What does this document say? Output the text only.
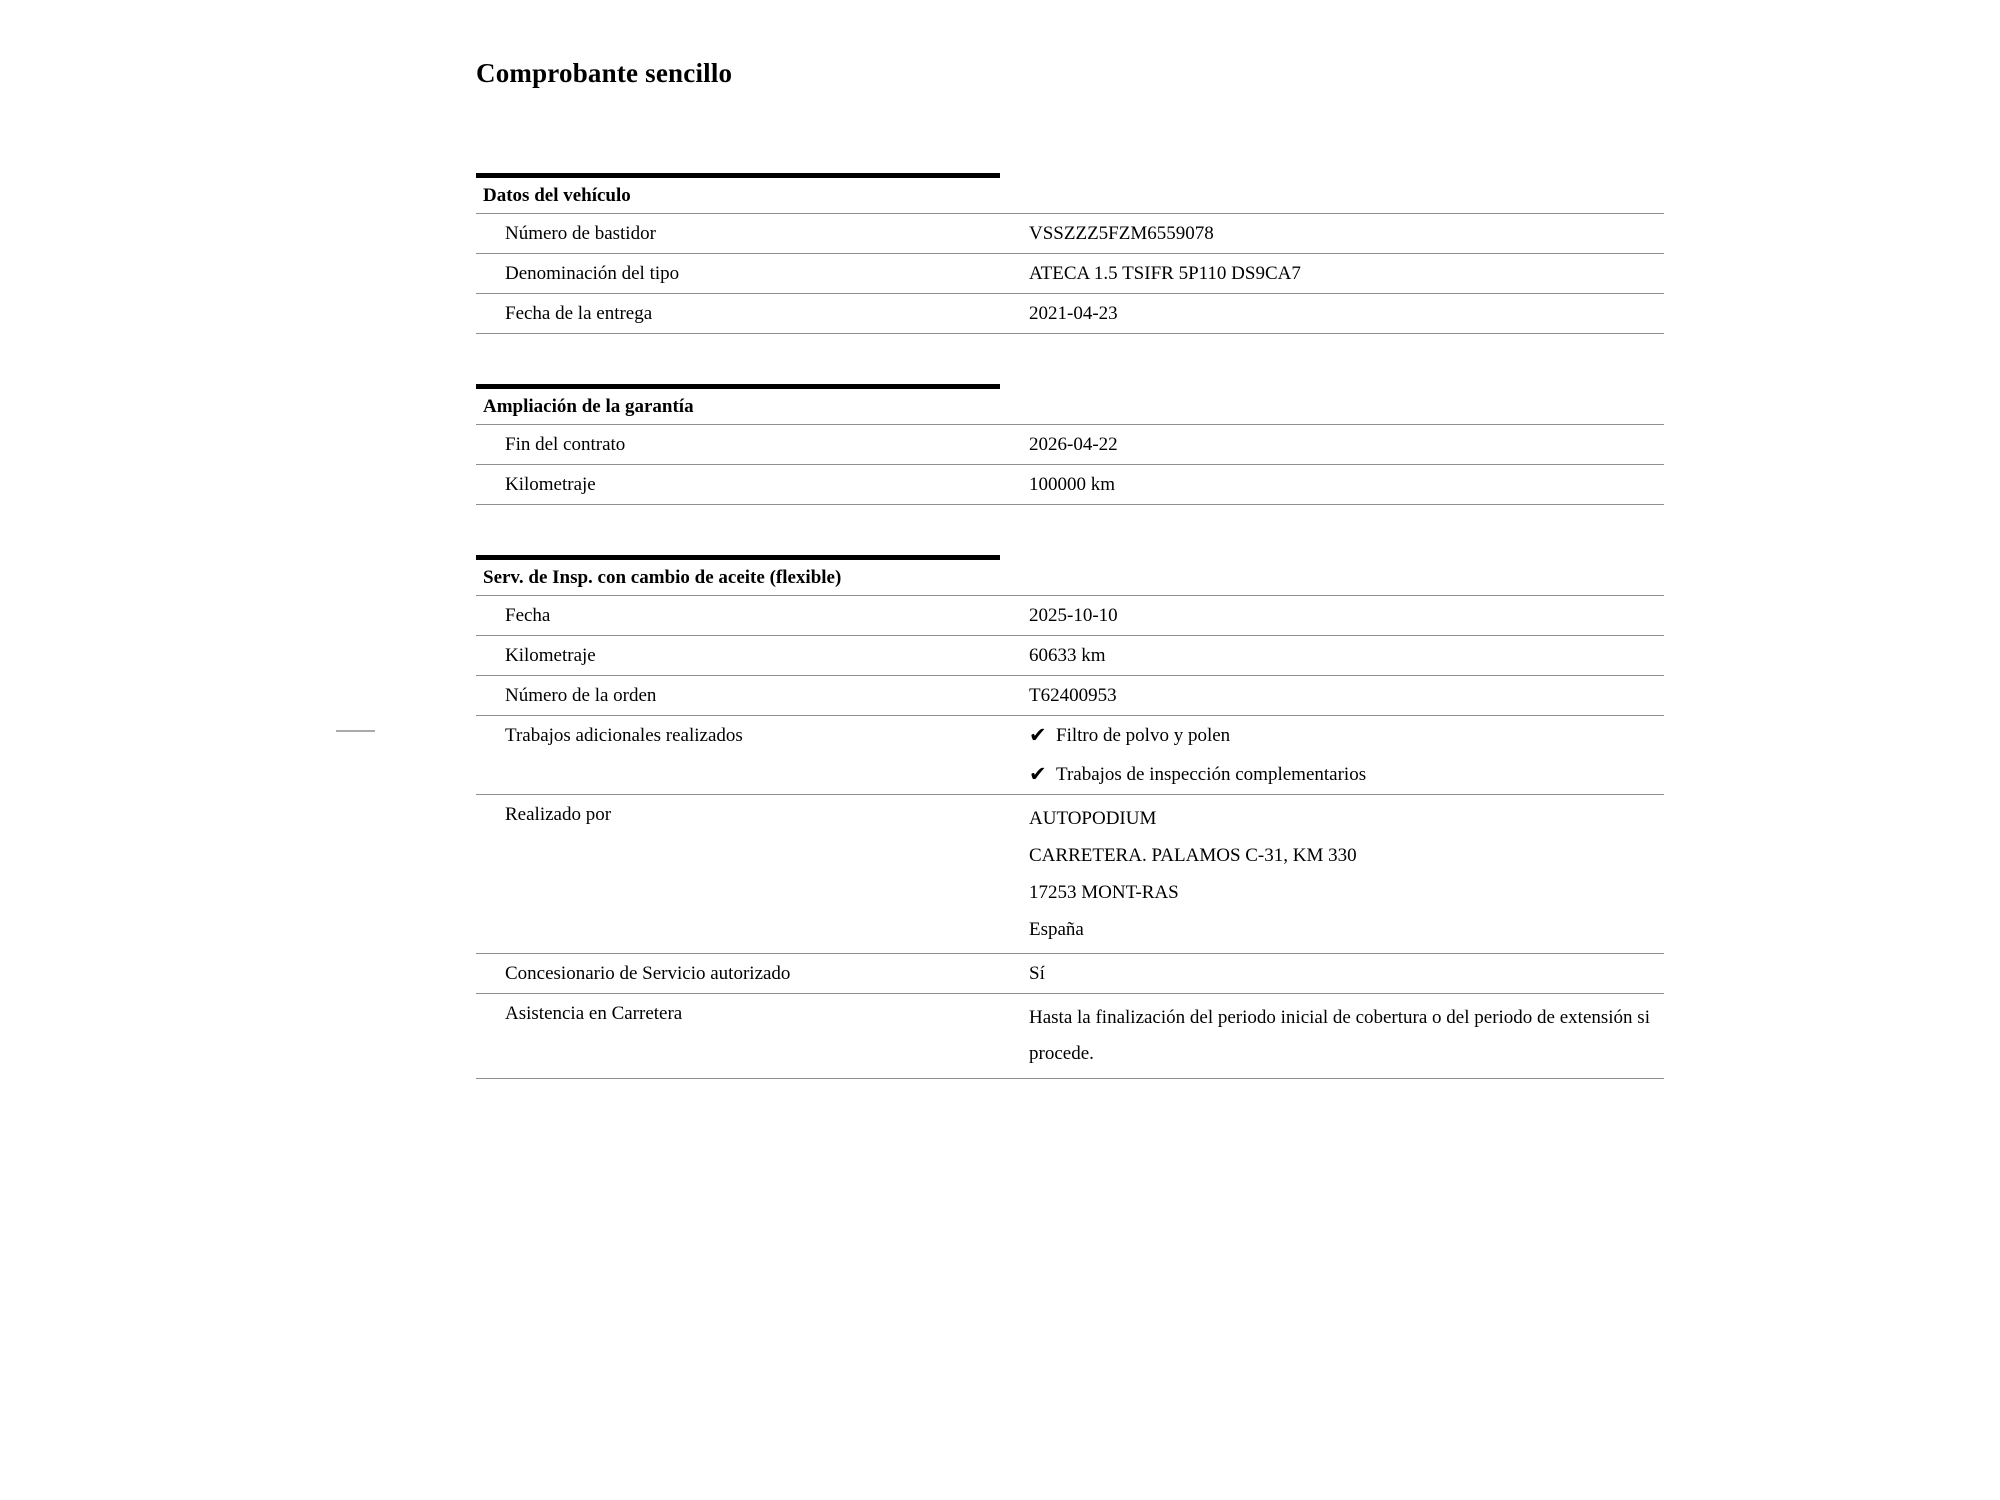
Comprobante sencillo
Datos del vehículo
Número de bastidor	VSSZZZ5FZM6559078
Denominación del tipo	ATECA 1.5 TSIFR 5P110 DS9CA7
Fecha de la entrega	2021-04-23
Ampliación de la garantía
Fin del contrato	2026-04-22
Kilometraje	100000 km
Serv. de Insp. con cambio de aceite (flexible)
Fecha	2025-10-10
Kilometraje	60633 km
Número de la orden	T62400953
Trabajos adicionales realizados	✔ Filtro de polvo y polen
✔ Trabajos de inspección complementarios
Realizado por	AUTOPODIUM
CARRETERA. PALAMOS C-31, KM 330
17253 MONT-RAS
España
Concesionario de Servicio autorizado	Sí
Asistencia en Carretera	Hasta la finalización del periodo inicial de cobertura o del periodo de extensión si procede.
